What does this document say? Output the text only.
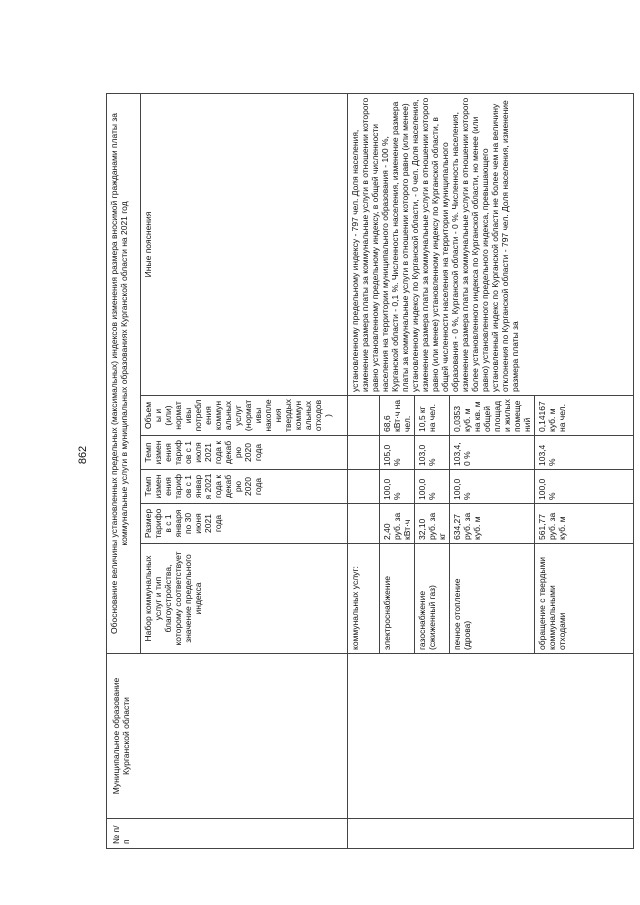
862
№ п/п	Муниципальное образование Курганской области	Обоснование величины установленных предельных (максимальных) индексов изменения размера вносимой гражданами платы за коммунальные услуги в муниципальных образованиях Курганской области на 2021 год					
		Набор коммунальных услуг и тип благоустройства, которому соответствует значение предельного индекса	Размер тарифов с 1 января по 30 июня 2021 года	Темп изменения тарифов с 1 января 2021 года к декабрю 2020 года	Темп изменения тарифов с 1 июля 2021 года к декабрю 2020 года	Объемы и (или) нормативы потребления коммунальных услуг (нормативы накопления твердых коммунальных отходов)	Иные пояснения
		коммунальных услуг:					установленному предельному индексу - 797 чел. Доля населения, изменение размера платы за коммунальные услуги в отношении которого равно установленному предельному индексу, в общей численности населения на территории муниципального образования - 100 %, Курганской области - 0,1 %. Численность населения, изменение размера платы за коммунальные услуги в отношении которого равно (или менее) установленному индексу по Курганской области, - 0 чел. Доля населения, изменение размера платы за коммунальные услуги в отношении которого равно (или менее) установленному индексу по Курганской области, в общей численности населения на территории муниципального образования - 0 %, Курганской области - 0 %. Численность населения, изменение размера платы за коммунальные услуги в отношении которого более установленного индекса по Курганской области, но менее (или равно) установленного предельного индекса, превышающего установленный индекс по Курганской области не более чем на величину отклонения по Курганской области - 797 чел. Доля населения, изменение размера платы за
		электроснабжение	2,40 руб. за кВт·ч	100,0 %	105,0 %	68,6 кВт·ч на чел.	
		газоснабжение (сжиженный газ)	32,10 руб. за кг	100,0 %	103,0 %	10,5 кг на чел.	
		печное отопление (дрова)	634,27 руб. за куб. м	100,0 %	103,4,0 %	0,0353 куб. м на кв. м общей площади жилых помещений	
		обращение с твердыми коммунальными отходами	561,77 руб. за куб. м	100,0 %	103,4 %	0,14167 куб. м на чел.	
